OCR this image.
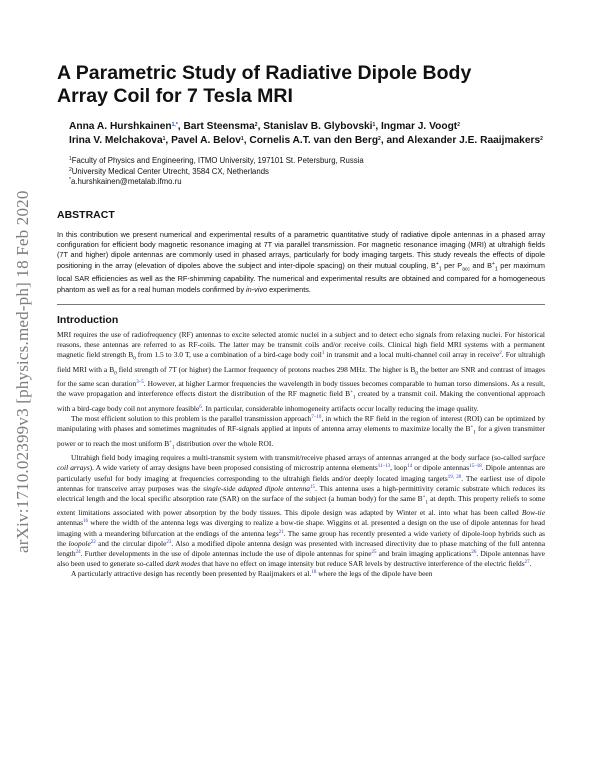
arXiv:1710.02399v3 [physics.med-ph] 18 Feb 2020
A Parametric Study of Radiative Dipole Body
Array Coil for 7 Tesla MRI
Anna A. Hurshkainen$^{1,*}$, Bart Steensma$^2$, Stanislav B. Glybovski$^1$, Ingmar J. Voogt$^2$
Irina V. Melchakova$^1$, Pavel A. Belov$^1$, Cornelis A.T. van den Berg$^2$, and Alexander J.E. Raaijmakers$^2$
$^1$Faculty of Physics and Engineering, ITMO University, 197101 St. Petersburg, Russia
$^2$University Medical Center Utrecht, 3584 CX, Netherlands
*a.hurshkainen@metalab.ifmo.ru
ABSTRACT
In this contribution we present numerical and experimental results of a parametric quantitative study of radiative dipole antennas in a phased array configuration for efficient body magnetic resonance imaging at 7T via parallel transmission. For magnetic resonance imaging (MRI) at ultrahigh fields (7T and higher) dipole antennas are commonly used in phased arrays, particularly for body imaging targets. This study reveals the effects of dipole positioning in the array (elevation of dipoles above the subject and inter-dipole spacing) on their mutual coupling, $B^+_1$ per $P_{acc}$ and $B^+_1$ per maximum local SAR efficiencies as well as the RF-shimming capability. The numerical and experimental results are obtained and compared for a homogeneous phantom as well as for a real human models confirmed by in-vivo experiments.
Introduction

MRI requires the use of radiofrequency (RF) antennas to excite selected atomic nuclei in a subject and to detect echo signals from relaxing nuclei. For historical reasons, these antennas are referred to as RF-coils. The latter may be transmit coils and/or receive coils. Clinical high field MRI systems with a permanent magnetic field strength $B_0$ from 1.5 to 3.0 T, use a combination of a bird-cage body coil$^1$ in transmit and a local multi-channel coil array in receive$^2$. For ultrahigh field MRI with a $B_0$ field strength of 7T (or higher) the Larmor frequency of protons reaches 298 MHz. The higher is $B_0$ the better are SNR and contrast of images for the same scan duration$^{3-5}$. However, at higher Larmor frequencies the wavelength in body tissues becomes comparable to human torso dimensions. As a result, the wave propagation and interference effects distort the distribution of the RF magnetic field $B^+_1$ created by a transmit coil. Making the conventional approach with a bird-cage body coil not anymore feasible$^6$. In particular, considerable inhomogeneity artifacts occur locally reducing the image quality.

The most efficient solution to this problem is the parallel transmission approach$^{7-10}$, in which the RF field in the region of interest (ROI) can be optimized by manipulating with phases and sometimes magnitudes of RF-signals applied at inputs of antenna array elements to maximize locally the $B^+_1$ for a given transmitter power or to reach the most uniform $B^+_1$ distribution over the whole ROI.

Ultrahigh field body imaging requires a multi-transmit system with transmit/receive phased arrays of antennas arranged at the body surface (so-called surface coil arrays). A wide variety of array designs have been proposed consisting of microstrip antenna elements$^{11-13}$, loop$^{14}$ or dipole antennas$^{15-18}$. Dipole antennas are particularly useful for body imaging at frequencies corresponding to the ultrahigh fields and/or deeply located imaging targets$^{19, 20}$. The earliest use of dipole antennas for transceive array purposes was the single-side adapted dipole antenna$^{15}$. This antenna uses a high-permittivity ceramic substrate which reduces its electrical length and the local specific absorption rate (SAR) on the surface of the subject (a human body) for the same $B^+_1$ at depth. This property reliefs to some extent limitations associated with power absorption by the body tissues. This dipole design was adapted by Winter et al. into what has been called Bow-tie antennas$^{16}$ where the width of the antenna legs was diverging to realize a bow-tie shape. Wiggins et al. presented a design on the use of dipole antennas for head imaging with a meandering bifurcation at the endings of the antenna legs$^{21}$. The same group has recently presented a wide variety of dipole-loop hybrids such as the loopole$^{22}$ and the circular dipole$^{23}$. Also a modified dipole antenna design was presented with increased directivity due to phase matching of the full antenna length$^{24}$. Further developments in the use of dipole antennas include the use of dipole antennas for spine$^{25}$ and brain imaging applications$^{26}$. Dipole antennas have also been used to generate so-called dark modes that have no effect on image intensity but reduce SAR levels by destructive interference of the electric fields$^{27}$.

A particularly attractive design has recently been presented by Raaijmakers et al.$^{18}$ where the legs of the dipole have been
